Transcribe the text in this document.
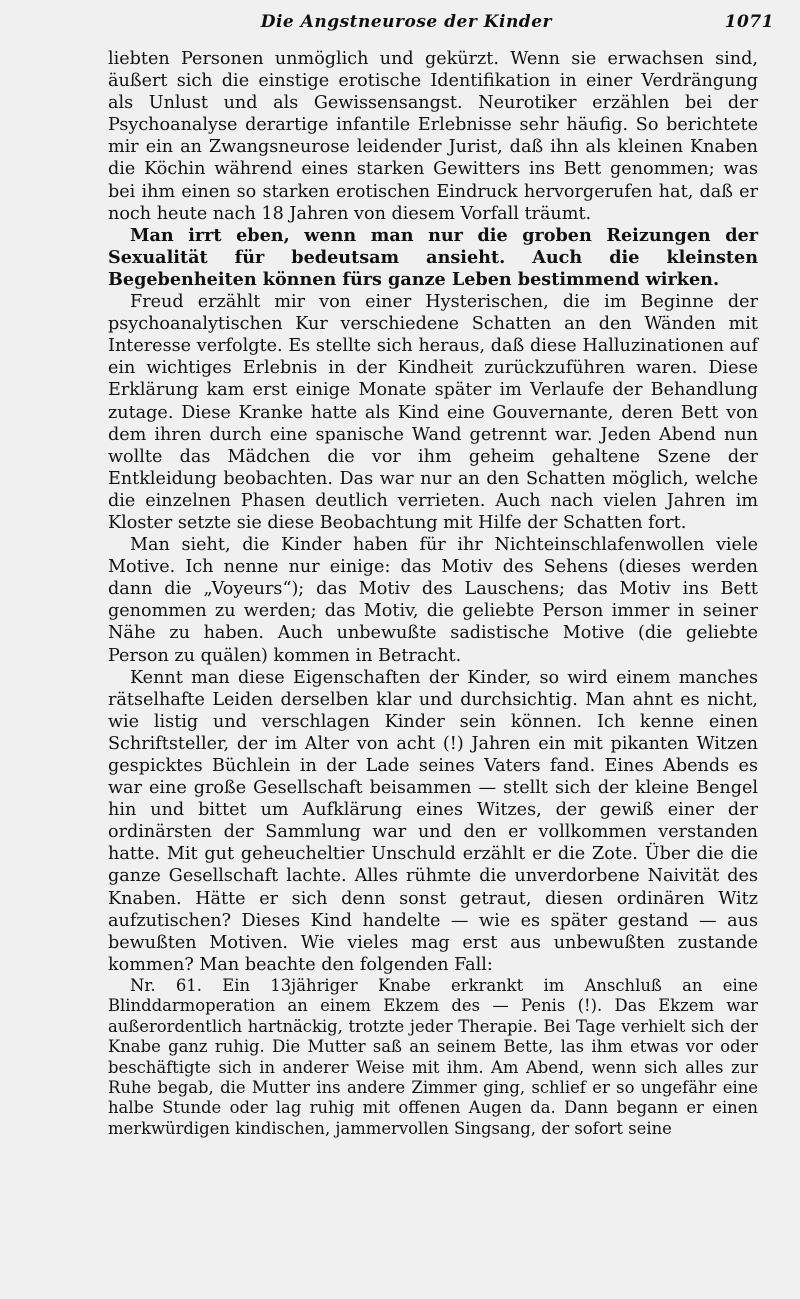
Die Angstneurose der Kinder	1071

liebten Personen unmöglich und gekürzt. Wenn sie erwachsen sind, äußert sich die einstige erotische Identifikation in einer Verdrängung als Unlust und als Gewissensangst. Neurotiker erzählen bei der Psychoanalyse derartige infantile Erlebnisse sehr häufig. So berichtete mir ein an Zwangsneurose leidender Jurist, daß ihn als kleinen Knaben die Köchin während eines starken Gewitters ins Bett genommen; was bei ihm einen so starken erotischen Eindruck hervorgerufen hat, daß er noch heute nach 18 Jahren von diesem Vorfall träumt.

Man irrt eben, wenn man nur die groben Reizungen der Sexualität für bedeutsam ansieht. Auch die kleinsten Begebenheiten können fürs ganze Leben bestimmend wirken.

Freud erzählt mir von einer Hysterischen, die im Beginne der psychoanalytischen Kur verschiedene Schatten an den Wänden mit Interesse verfolgte. Es stellte sich heraus, daß diese Halluzinationen auf ein wichtiges Erlebnis in der Kindheit zurückzuführen waren. Diese Erklärung kam erst einige Monate später im Verlaufe der Behandlung zutage. Diese Kranke hatte als Kind eine Gouvernante, deren Bett von dem ihren durch eine spanische Wand getrennt war. Jeden Abend nun wollte das Mädchen die vor ihm geheim gehaltene Szene der Entkleidung beobachten. Das war nur an den Schatten möglich, welche die einzelnen Phasen deutlich verrieten. Auch nach vielen Jahren im Kloster setzte sie diese Beobachtung mit Hilfe der Schatten fort.

Man sieht, die Kinder haben für ihr Nichteinschlafenwollen viele Motive. Ich nenne nur einige: das Motiv des Sehens (dieses werden dann die „Voyeurs“); das Motiv des Lauschens; das Motiv ins Bett genommen zu werden; das Motiv, die geliebte Person immer in seiner Nähe zu haben. Auch unbewußte sadistische Motive (die geliebte Person zu quälen) kommen in Betracht.

Kennt man diese Eigenschaften der Kinder, so wird einem manches rätselhafte Leiden derselben klar und durchsichtig. Man ahnt es nicht, wie listig und verschlagen Kinder sein können. Ich kenne einen Schriftsteller, der im Alter von acht (!) Jahren ein mit pikanten Witzen gespicktes Büchlein in der Lade seines Vaters fand. Eines Abends es war eine große Gesellschaft beisammen — stellt sich der kleine Bengel hin und bittet um Aufklärung eines Witzes, der gewiß einer der ordinärsten der Sammlung war und den er vollkommen verstanden hatte. Mit gut geheucheltier Unschuld erzählt er die Zote. Über die die ganze Gesellschaft lachte. Alles rühmte die unverdorbene Naivität des Knaben. Hätte er sich denn sonst getraut, diesen ordinären Witz aufzutischen? Dieses Kind handelte — wie es später gestand — aus bewußten Motiven. Wie vieles mag erst aus unbewußten zustande kommen? Man beachte den folgenden Fall:

Nr. 61. Ein 13jähriger Knabe erkrankt im Anschluß an eine Blinddarmoperation an einem Ekzem des — Penis (!). Das Ekzem war außerordentlich hartnäckig, trotzte jeder Therapie. Bei Tage verhielt sich der Knabe ganz ruhig. Die Mutter saß an seinem Bette, las ihm etwas vor oder beschäftigte sich in anderer Weise mit ihm. Am Abend, wenn sich alles zur Ruhe begab, die Mutter ins andere Zimmer ging, schlief er so ungefähr eine halbe Stunde oder lag ruhig mit offenen Augen da. Dann begann er einen merkwürdigen kindischen, jammervollen Singsang, der sofort seine
